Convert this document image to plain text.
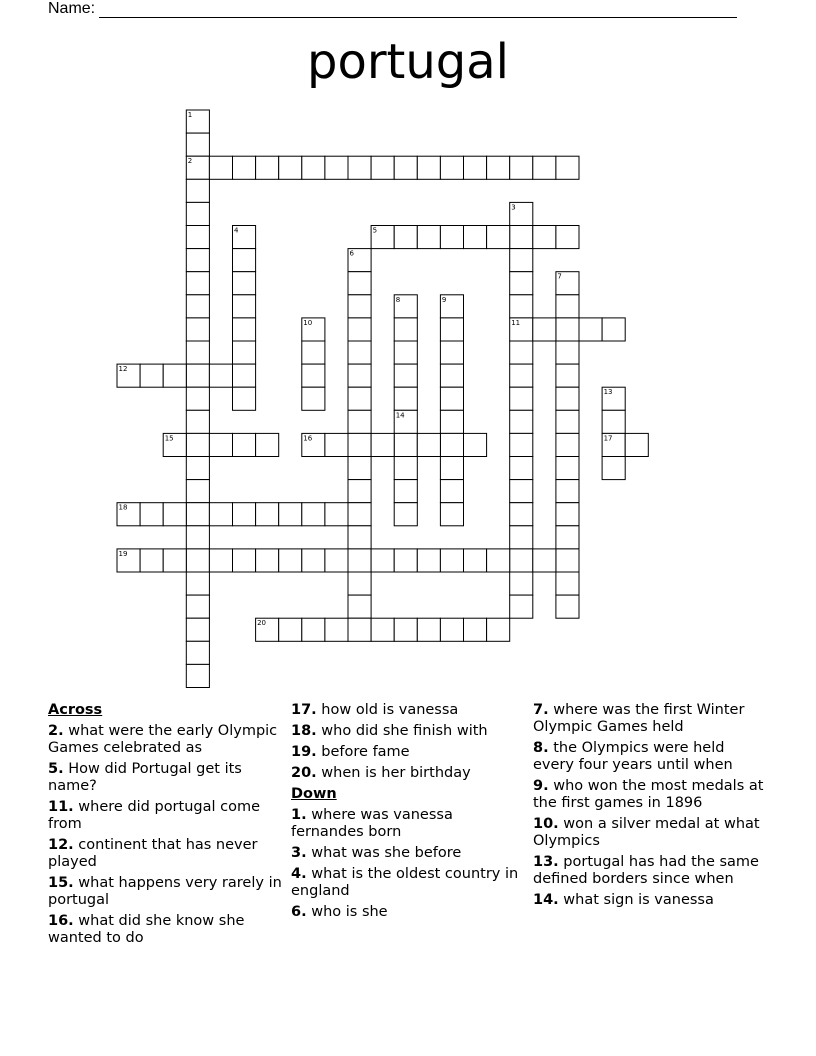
Name:
portugal
1
2
3
11
4	5
6
7
8
14
9
10
12
13
17
15	16
18
19
20
Across
2. what were the early Olympic Games celebrated as
5. How did Portugal get its name?
11. where did portugal come from
12. continent that has never played
15. what happens very rarely in portugal
16. what did she know she wanted to do
17. how old is vanessa
18. who did she finish with
19. before fame
20. when is her birthday
Down
1. where was vanessa fernandes born
3. what was she before
4. what is the oldest country in england
6. who is she
7. where was the first Winter Olympic Games held
8. the Olympics were held every four years until when
9. who won the most medals at the first games in 1896
10. won a silver medal at what Olympics
13. portugal has had the same defined borders since when
14. what sign is vanessa
